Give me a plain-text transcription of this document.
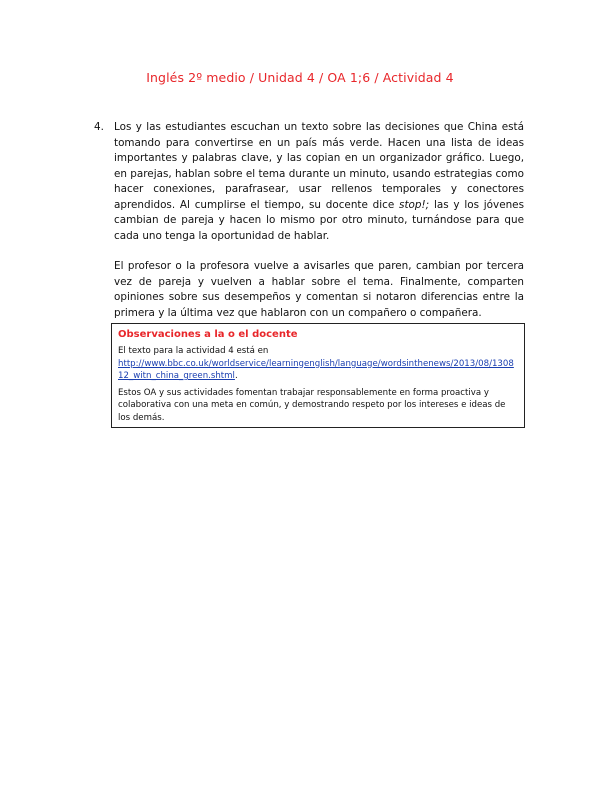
Inglés 2º medio / Unidad 4 / OA 1;6 / Actividad 4
4. Los y las estudiantes escuchan un texto sobre las decisiones que China está tomando para convertirse en un país más verde. Hacen una lista de ideas importantes y palabras clave, y las copian en un organizador gráfico. Luego, en parejas, hablan sobre el tema durante un minuto, usando estrategias como hacer conexiones, parafrasear, usar rellenos temporales y conectores aprendidos. Al cumplirse el tiempo, su docente dice stop!; las y los jóvenes cambian de pareja y hacen lo mismo por otro minuto, turnándose para que cada uno tenga la oportunidad de hablar.

El profesor o la profesora vuelve a avisarles que paren, cambian por tercera vez de pareja y vuelven a hablar sobre el tema. Finalmente, comparten opiniones sobre sus desempeños y comentan si notaron diferencias entre la primera y la última vez que hablaron con un compañero o compañera.

Observaciones a la o el docente

El texto para la actividad 4 está en
http://www.bbc.co.uk/worldservice/learningenglish/language/wordsinthenews/2013/08/130812_witn_china_green.shtml.

Estos OA y sus actividades fomentan trabajar responsablemente en forma proactiva y colaborativa con una meta en común, y demostrando respeto por los intereses e ideas de los demás.
